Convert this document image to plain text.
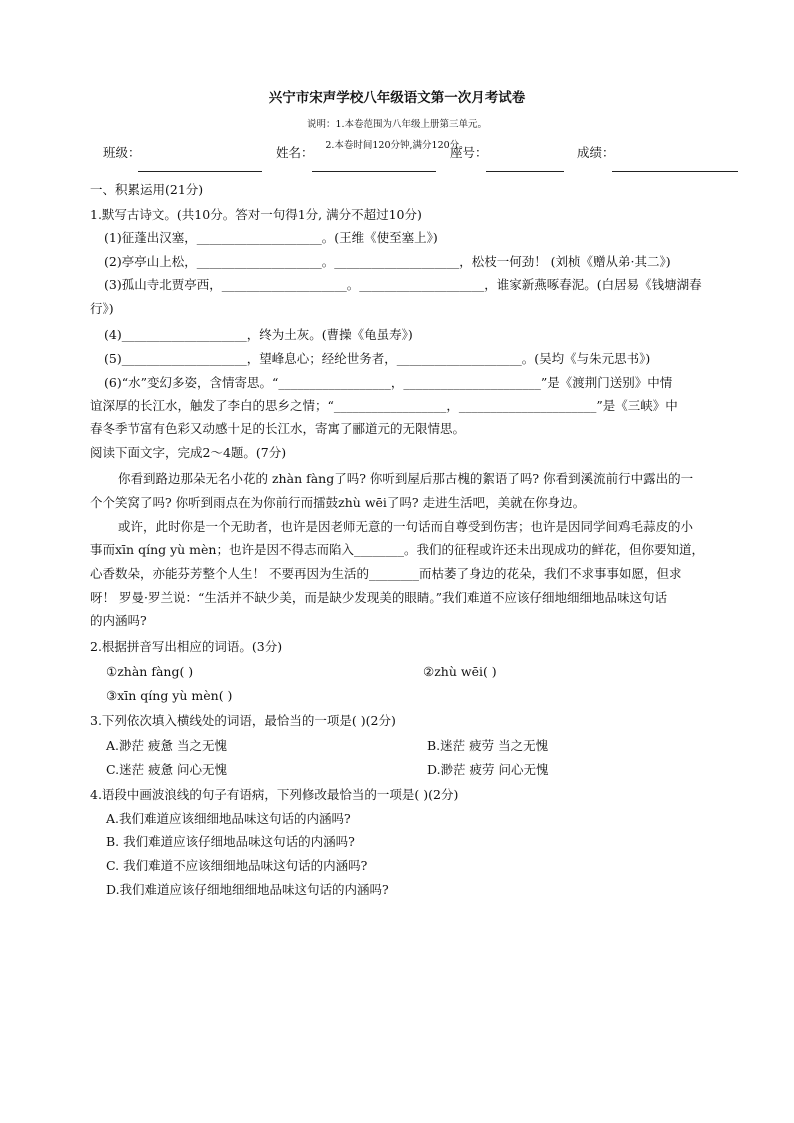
兴宁市宋声学校八年级语文第一次月考试卷
说明：1.本卷范围为八年级上册第三单元。
2.本卷时间120分钟,满分120分。
班级：	姓名：	座号：	成绩：
一、积累运用(21分)
1.默写古诗文。(共10分。答对一句得1分, 满分不超过10分)
(1)征蓬出汉塞，____________________。(王维《使至塞上》)
(2)亭亭山上松，____________________。____________________，松枝一何劲！ (刘桢《赠从弟·其二》)
(3)孤山寺北贾亭西，____________________。____________________，谁家新燕啄春泥。(白居易《钱塘湖春
行》)
(4)____________________，终为土灰。(曹操《龟虽寿》)
(5)____________________，望峰息心；经纶世务者，____________________。(吴均《与朱元思书》)
(6)“水”变幻多姿，含情寄思。“__________________，______________________”是《渡荆门送别》中情
谊深厚的长江水，触发了李白的思乡之情；“__________________，______________________”是《三峡》中
春冬季节富有色彩又动感十足的长江水，寄寓了郦道元的无限情思。
阅读下面文字，完成2～4题。(7分)
你看到路边那朵无名小花的 zhàn fàng了吗? 你听到屋后那古槐的絮语了吗? 你看到溪流前行中露出的一
个个笑窝了吗? 你听到雨点在为你前行而擂鼓zhù wēi了吗? 走进生活吧，美就在你身边。
或许，此时你是一个无助者，也许是因老师无意的一句话而自尊受到伤害；也许是因同学间鸡毛蒜皮的小
事而xīn qíng yù mèn；也许是因不得志而陷入________。我们的征程或许还未出现成功的鲜花，但你要知道，
心香数朵，亦能芬芳整个人生！ 不要再因为生活的________而枯萎了身边的花朵，我们不求事事如愿，但求
呀！ 罗曼·罗兰说：“生活并不缺少美，而是缺少发现美的眼睛。”我们难道不应该仔细地细细地品味这句话
的内涵吗?
2.根据拼音写出相应的词语。(3分)
①zhàn fàng( )	②zhù wēi( )
③xīn qíng yù mèn( )
3.下列依次填入横线处的词语，最恰当的一项是( )(2分)
A.渺茫 疲惫 当之无愧	B.迷茫 疲劳 当之无愧
C.迷茫 疲惫 问心无愧	D.渺茫 疲劳 问心无愧
4.语段中画波浪线的句子有语病，下列修改最恰当的一项是( )(2分)
A.我们难道应该细细地品味这句话的内涵吗?
B. 我们难道应该仔细地品味这句话的内涵吗?
C. 我们难道不应该细细地品味这句话的内涵吗?
D.我们难道应该仔细地细细地品味这句话的内涵吗?
